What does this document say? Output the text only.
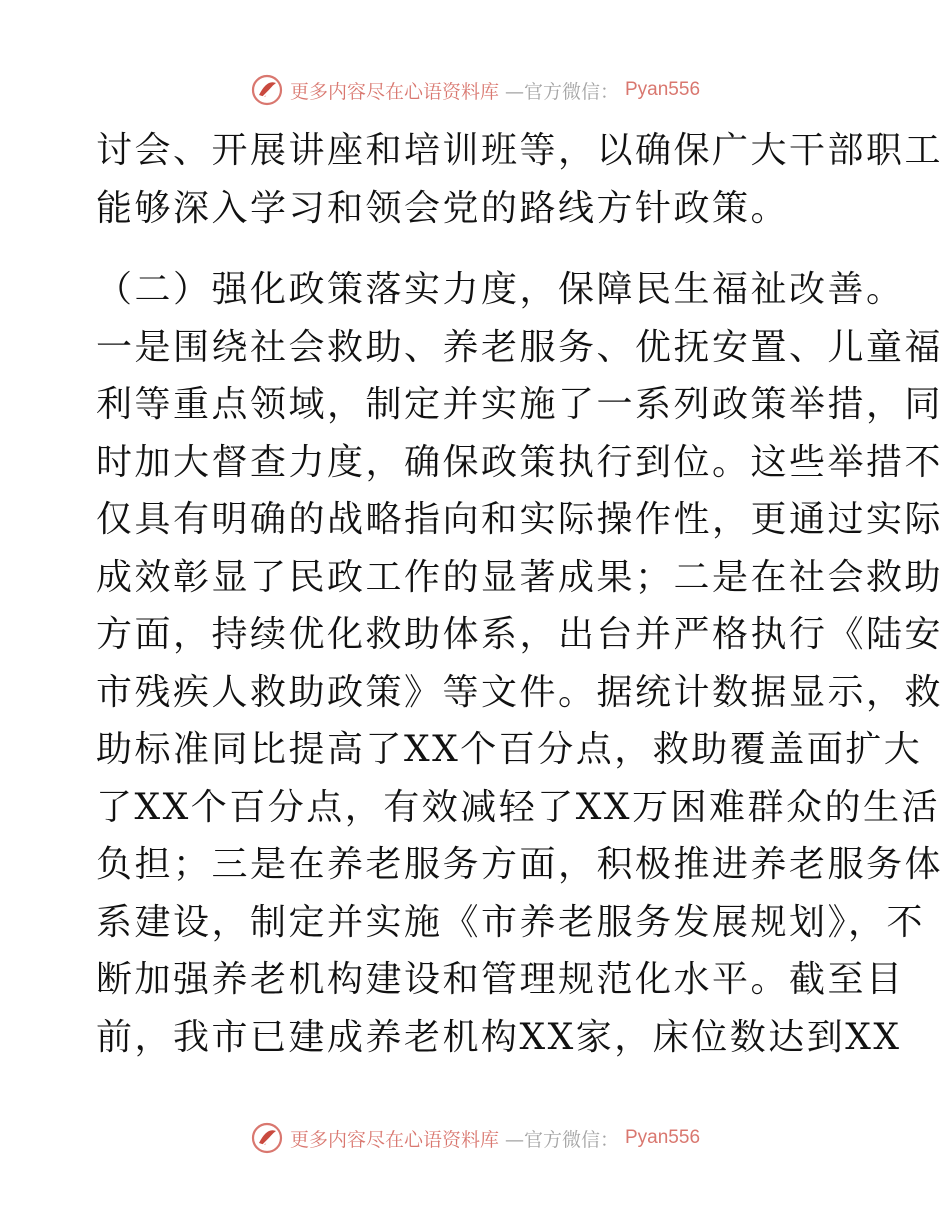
更多内容尽在心语资料库 —官方微信： Pyan556
讨会、开展讲座和培训班等，以确保广大干部职工
能够深入学习和领会党的路线方针政策。
（二）强化政策落实力度，保障民生福祉改善。
一是围绕社会救助、养老服务、优抚安置、儿童福
利等重点领域，制定并实施了一系列政策举措，同
时加大督查力度，确保政策执行到位。这些举措不
仅具有明确的战略指向和实际操作性，更通过实际
成效彰显了民政工作的显著成果；二是在社会救助
方面，持续优化救助体系，出台并严格执行《陆安
市残疾人救助政策》等文件。据统计数据显示，救
助标准同比提高了XX个百分点，救助覆盖面扩大
了XX个百分点，有效减轻了XX万困难群众的生活
负担；三是在养老服务方面，积极推进养老服务体
系建设，制定并实施《市养老服务发展规划》，不
断加强养老机构建设和管理规范化水平。截至目
前，我市已建成养老机构XX家，床位数达到XX
更多内容尽在心语资料库 —官方微信： Pyan556
